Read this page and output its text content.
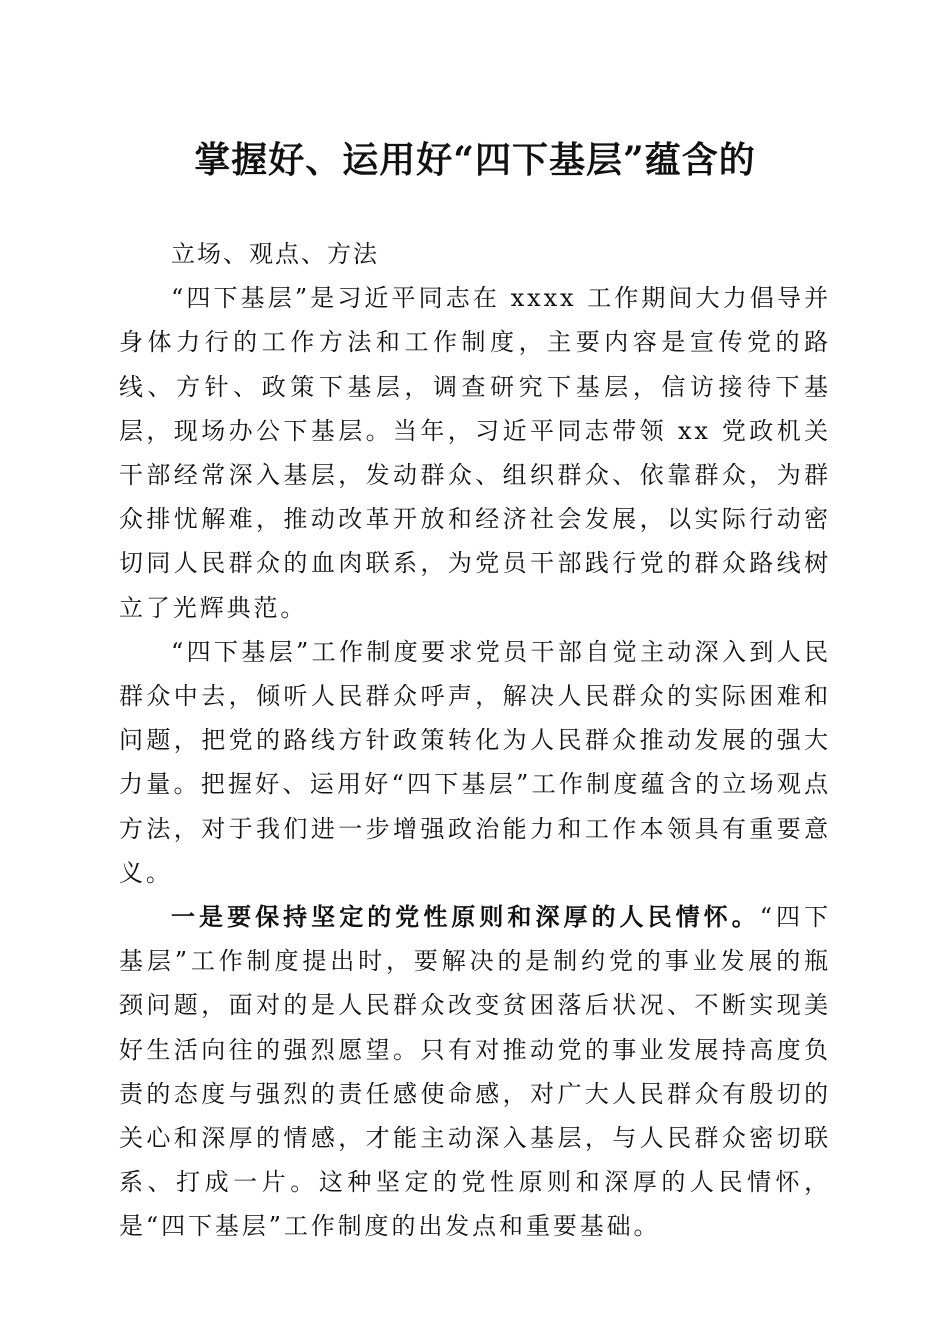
掌握好、运用好“四下基层”蕴含的

立场、观点、方法

“四下基层”是习近平同志在 xxxx 工作期间大力倡导并身体力行的工作方法和工作制度，主要内容是宣传党的路线、方针、政策下基层，调查研究下基层，信访接待下基层，现场办公下基层。当年，习近平同志带领 xx 党政机关干部经常深入基层，发动群众、组织群众、依靠群众，为群众排忧解难，推动改革开放和经济社会发展，以实际行动密切同人民群众的血肉联系，为党员干部践行党的群众路线树立了光辉典范。

“四下基层”工作制度要求党员干部自觉主动深入到人民群众中去，倾听人民群众呼声，解决人民群众的实际困难和问题，把党的路线方针政策转化为人民群众推动发展的强大力量。把握好、运用好“四下基层”工作制度蕴含的立场观点方法，对于我们进一步增强政治能力和工作本领具有重要意义。

一是要保持坚定的党性原则和深厚的人民情怀。“四下基层”工作制度提出时，要解决的是制约党的事业发展的瓶颈问题，面对的是人民群众改变贫困落后状况、不断实现美好生活向往的强烈愿望。只有对推动党的事业发展持高度负责的态度与强烈的责任感使命感，对广大人民群众有殷切的关心和深厚的情感，才能主动深入基层，与人民群众密切联系、打成一片。这种坚定的党性原则和深厚的人民情怀，是“四下基层”工作制度的出发点和重要基础。
